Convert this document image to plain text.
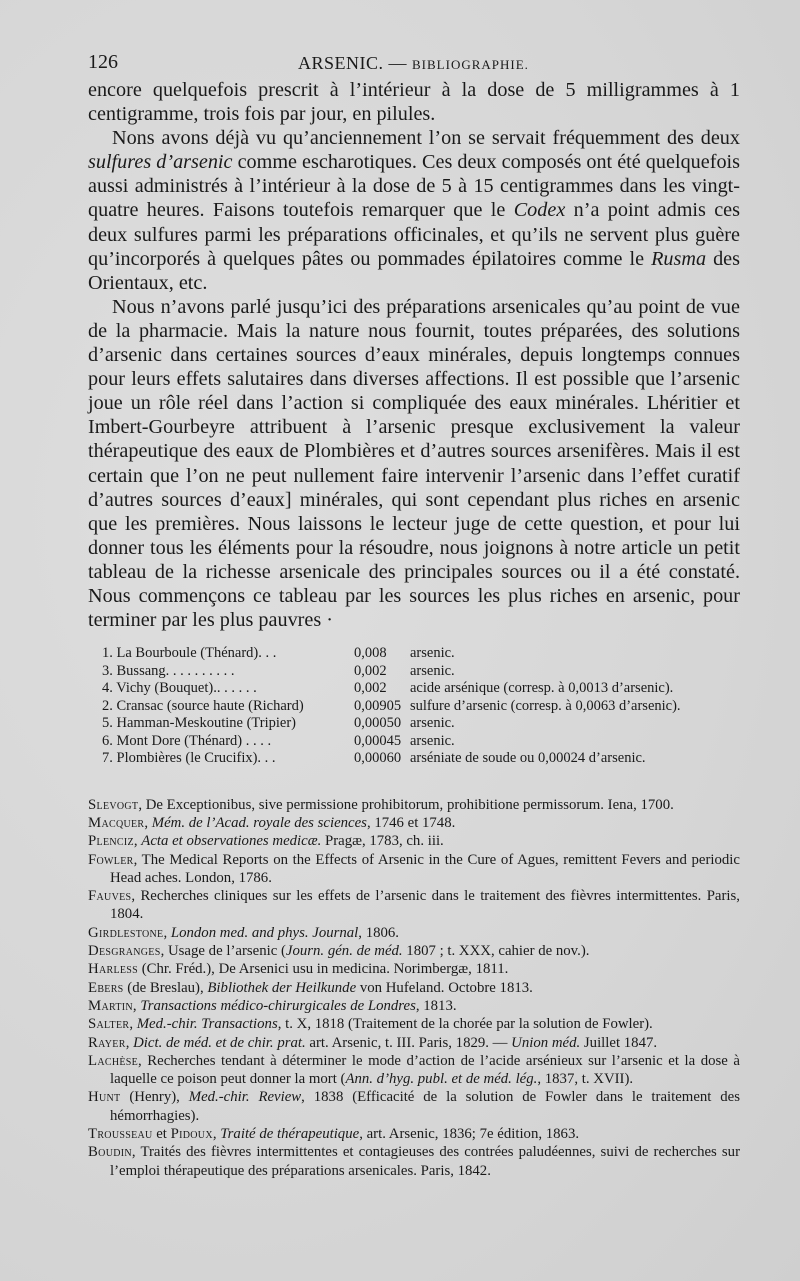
126	ARSENIC. — BIBLIOGRAPHIE.

encore quelquefois prescrit à l’intérieur à la dose de 5 milligrammes à 1 centigramme, trois fois par jour, en pilules.

Nons avons déjà vu qu’anciennement l’on se servait fréquemment des deux sulfures d’arsenic comme escharotiques. Ces deux composés ont été quelquefois aussi administrés à l’intérieur à la dose de 5 à 15 centigrammes dans les vingt-quatre heures. Faisons toutefois remarquer que le Codex n’a point admis ces deux sulfures parmi les préparations officinales, et qu’ils ne servent plus guère qu’incorporés à quelques pâtes ou pommades épilatoires comme le Rusma des Orientaux, etc.

Nous n’avons parlé jusqu’ici des préparations arsenicales qu’au point de vue de la pharmacie. Mais la nature nous fournit, toutes préparées, des solutions d’arsenic dans certaines sources d’eaux minérales, depuis longtemps connues pour leurs effets salutaires dans diverses affections. Il est possible que l’arsenic joue un rôle réel dans l’action si compliquée des eaux minérales. Lhéritier et Imbert-Gourbeyre attribuent à l’arsenic presque exclusivement la valeur thérapeutique des eaux de Plombières et d’autres sources arsenifères. Mais il est certain que l’on ne peut nullement faire intervenir l’arsenic dans l’effet curatif d’autres sources d’eaux] minérales, qui sont cependant plus riches en arsenic que les premières. Nous laissons le lecteur juge de cette question, et pour lui donner tous les éléments pour la résoudre, nous joignons à notre article un petit tableau de la richesse arsenicale des principales sources ou il a été constaté. Nous commençons ce tableau par les sources les plus riches en arsenic, pour terminer par les plus pauvres ·

1. La Bourboule (Thénard). . .	0,008	arsenic.
3. Bussang. . . . . . . . . .	0,002	arsenic.
4. Vichy (Bouquet).. . . . . .	0,002	acide arsénique (corresp. à 0,0013 d’arsenic).
2. Cransac (source haute (Richard)	0,00905 sulfure d’arsenic (corresp. à 0,0063 d’arsenic).
5. Hamman-Meskoutine (Tripier)	0,00050 arsenic.
6. Mont Dore (Thénard) . . . .	0,00045 arsenic.
7. Plombières (le Crucifix). . .	0,00060 arséniate de soude ou 0,00024 d’arsenic.
Slevogt, De Exceptionibus, sive permissione prohibitorum, prohibitione permissorum. Iena, 1700.
Macquer, Mém. de l’Acad. royale des sciences, 1746 et 1748.
Plenciz, Acta et observationes medicæ. Pragæ, 1783, ch. iii.
Fowler, The Medical Reports on the Effects of Arsenic in the Cure of Agues, remittent Fevers and periodic Head aches. London, 1786.
Fauves, Recherches cliniques sur les effets de l’arsenic dans le traitement des fièvres intermittentes. Paris, 1804.
Girdlestone, London med. and phys. Journal, 1806.
Desgranges, Usage de l’arsenic (Journ. gén. de méd. 1807 ; t. XXX, cahier de nov.).
Harless (Chr. Fréd.), De Arsenici usu in medicina. Norimbergæ, 1811.
Ebers (de Breslau), Bibliothek der Heilkunde von Hufeland. Octobre 1813.
Martin, Transactions médico-chirurgicales de Londres, 1813.
Salter, Med.-chir. Transactions, t. X, 1818 (Traitement de la chorée par la solution de Fowler).
Rayer, Dict. de méd. et de chir. prat. art. Arsenic, t. III. Paris, 1829. — Union méd. Juillet 1847.
Lachèse, Recherches tendant à déterminer le mode d’action de l’acide arsénieux sur l’arsenic et la dose à laquelle ce poison peut donner la mort (Ann. d’hyg. publ. et de méd. lég., 1837, t. XVII).
Hunt (Henry), Med.-chir. Review, 1838 (Efficacité de la solution de Fowler dans le traitement des hémorrhagies).
Trousseau et Pidoux, Traité de thérapeutique, art. Arsenic, 1836; 7e édition, 1863.
Boudin, Traités des fièvres intermittentes et contagieuses des contrées paludéennes, suivi de recherches sur l’emploi thérapeutique des préparations arsenicales. Paris, 1842.
